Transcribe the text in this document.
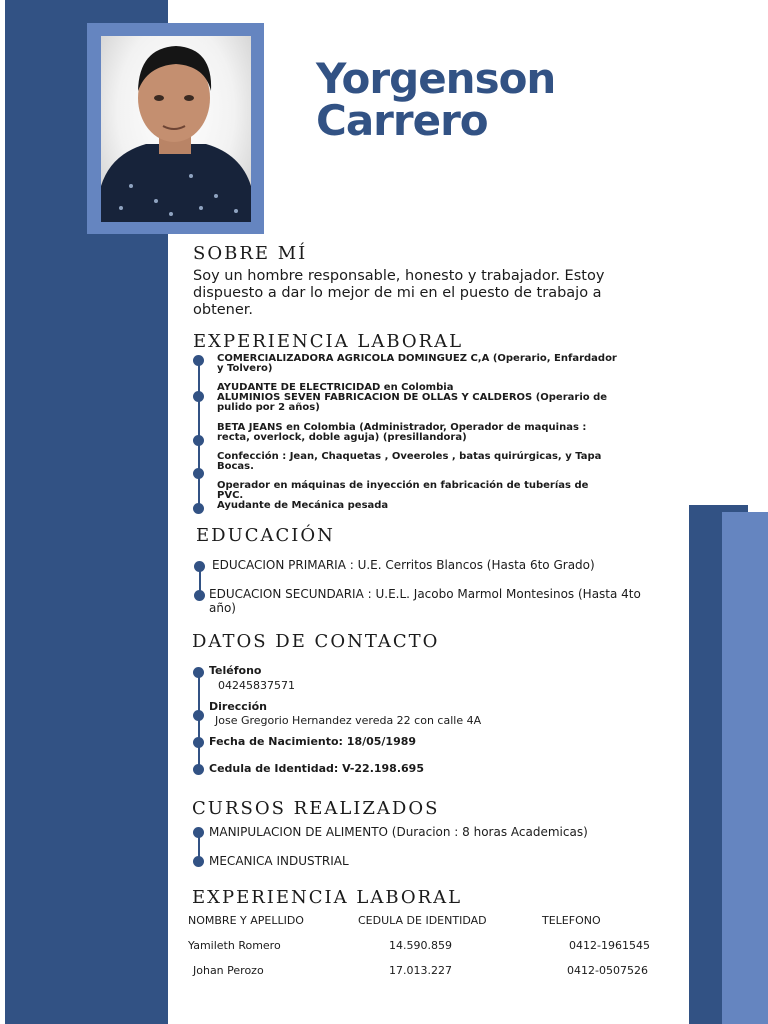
Yorgenson
Carrero
SOBRE MÍ
Soy un hombre responsable, honesto y trabajador. Estoy dispuesto a dar lo mejor de mi en el puesto de trabajo a obtener.
EXPERIENCIA LABORAL
COMERCIALIZADORA AGRICOLA DOMINGUEZ C,A (Operario, Enfardador y Tolvero)
AYUDANTE DE ELECTRICIDAD en Colombia
ALUMINIOS SEVEN FABRICACION DE OLLAS Y CALDEROS (Operario de pulido por 2 años)
BETA JEANS en Colombia (Administrador, Operador de maquinas : recta, overlock, doble aguja) (presillandora)
Confección : Jean, Chaquetas , Oveeroles , batas quirúrgicas, y Tapa Bocas.
Operador en máquinas de inyección en fabricación de tuberías de PVC.
Ayudante de Mecánica pesada
EDUCACIÓN
EDUCACION PRIMARIA : U.E. Cerritos Blancos (Hasta 6to Grado)
EDUCACION SECUNDARIA : U.E.L. Jacobo Marmol Montesinos (Hasta 4to año)
DATOS DE CONTACTO
Teléfono
04245837571
Dirección
Jose Gregorio Hernandez vereda 22 con calle 4A
Fecha de Nacimiento: 18/05/1989
Cedula de Identidad: V-22.198.695
CURSOS REALIZADOS
MANIPULACION DE ALIMENTO (Duracion : 8 horas Academicas)
MECANICA INDUSTRIAL
EXPERIENCIA LABORAL
NOMBRE Y APELLIDO	CEDULA DE IDENTIDAD	TELEFONO
Yamileth Romero	14.590.859	0412-1961545
Johan Perozo	17.013.227	0412-0507526
